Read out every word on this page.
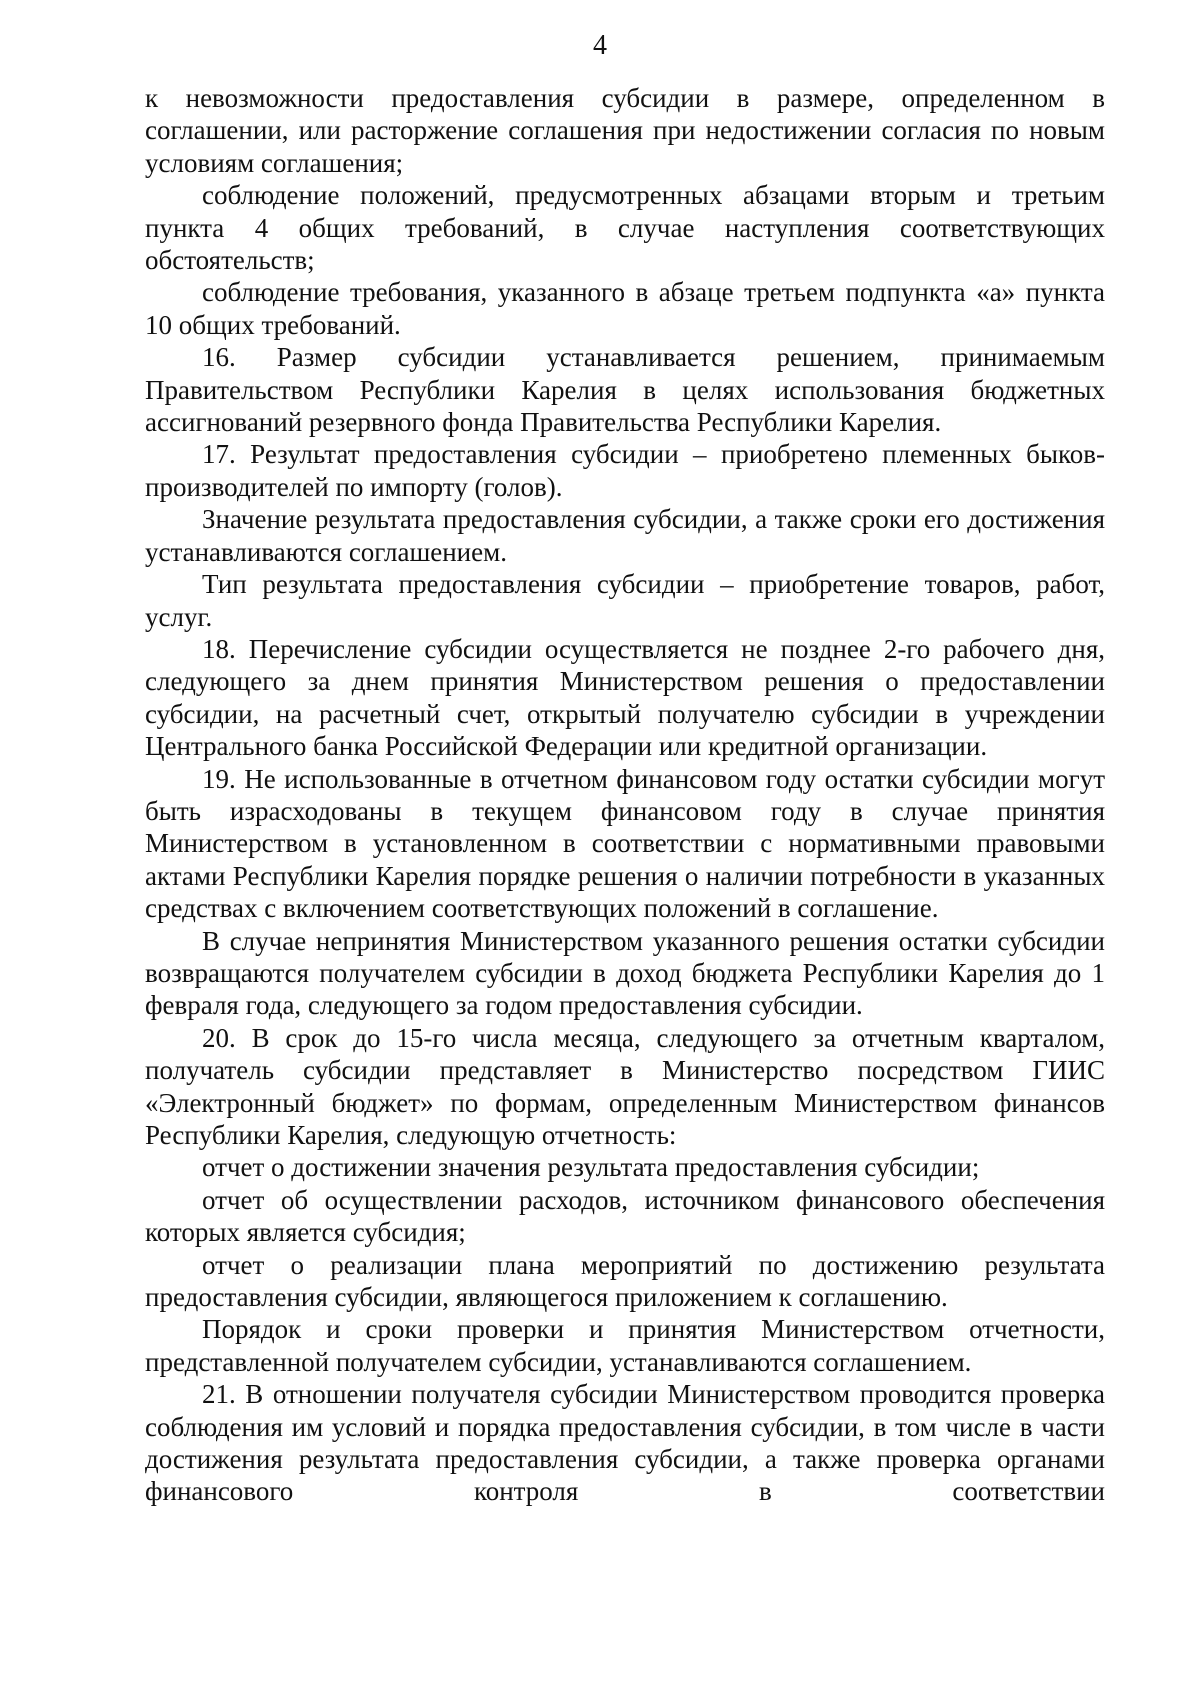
4

к невозможности предоставления субсидии в размере, определенном в соглашении, или расторжение соглашения при недостижении согласия по новым условиям соглашения;

соблюдение положений, предусмотренных абзацами вторым и третьим пункта 4 общих требований, в случае наступления соответствующих обстоятельств;

соблюдение требования, указанного в абзаце третьем подпункта «а» пункта 10 общих требований.

16. Размер субсидии устанавливается решением, принимаемым Правительством Республики Карелия в целях использования бюджетных ассигнований резервного фонда Правительства Республики Карелия.

17. Результат предоставления субсидии – приобретено племенных быков-производителей по импорту (голов).

Значение результата предоставления субсидии, а также сроки его достижения устанавливаются соглашением.

Тип результата предоставления субсидии – приобретение товаров, работ, услуг.

18. Перечисление субсидии осуществляется не позднее 2-го рабочего дня, следующего за днем принятия Министерством решения о предоставлении субсидии, на расчетный счет, открытый получателю субсидии в учреждении Центрального банка Российской Федерации или кредитной организации.

19. Не использованные в отчетном финансовом году остатки субсидии могут быть израсходованы в текущем финансовом году в случае принятия Министерством в установленном в соответствии с нормативными правовыми актами Республики Карелия порядке решения о наличии потребности в указанных средствах с включением соответствующих положений в соглашение.

В случае непринятия Министерством указанного решения остатки субсидии возвращаются получателем субсидии в доход бюджета Республики Карелия до 1 февраля года, следующего за годом предоставления субсидии.

20. В срок до 15-го числа месяца, следующего за отчетным кварталом, получатель субсидии представляет в Министерство посредством ГИИС «Электронный бюджет» по формам, определенным Министерством финансов Республики Карелия, следующую отчетность:

отчет о достижении значения результата предоставления субсидии;

отчет об осуществлении расходов, источником финансового обеспечения которых является субсидия;

отчет о реализации плана мероприятий по достижению результата предоставления субсидии, являющегося приложением к соглашению.

Порядок и сроки проверки и принятия Министерством отчетности, представленной получателем субсидии, устанавливаются соглашением.

21. В отношении получателя субсидии Министерством проводится проверка соблюдения им условий и порядка предоставления субсидии, в том числе в части достижения результата предоставления субсидии, а также проверка органами финансового контроля в соответствии
